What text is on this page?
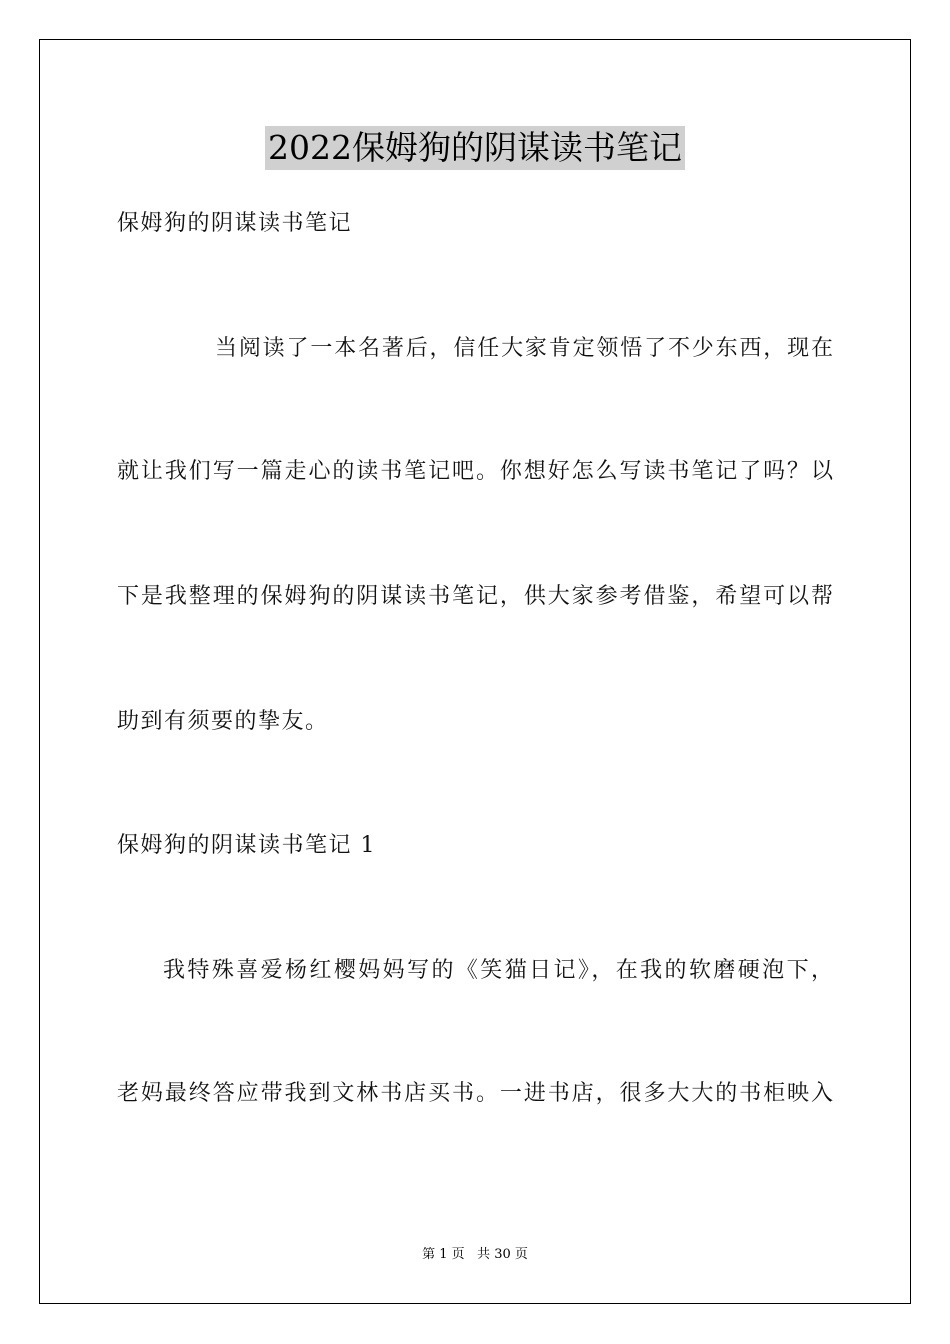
2022保姆狗的阴谋读书笔记
保姆狗的阴谋读书笔记
当阅读了一本名著后，信任大家肯定领悟了不少东西，现在
就让我们写一篇走心的读书笔记吧。你想好怎么写读书笔记了吗？以
下是我整理的保姆狗的阴谋读书笔记，供大家参考借鉴，希望可以帮
助到有须要的挚友。
保姆狗的阴谋读书笔记 1
我特殊喜爱杨红樱妈妈写的《笑猫日记》，在我的软磨硬泡下，
老妈最终答应带我到文林书店买书。一进书店，很多大大的书柜映入
第 1 页   共 30 页
